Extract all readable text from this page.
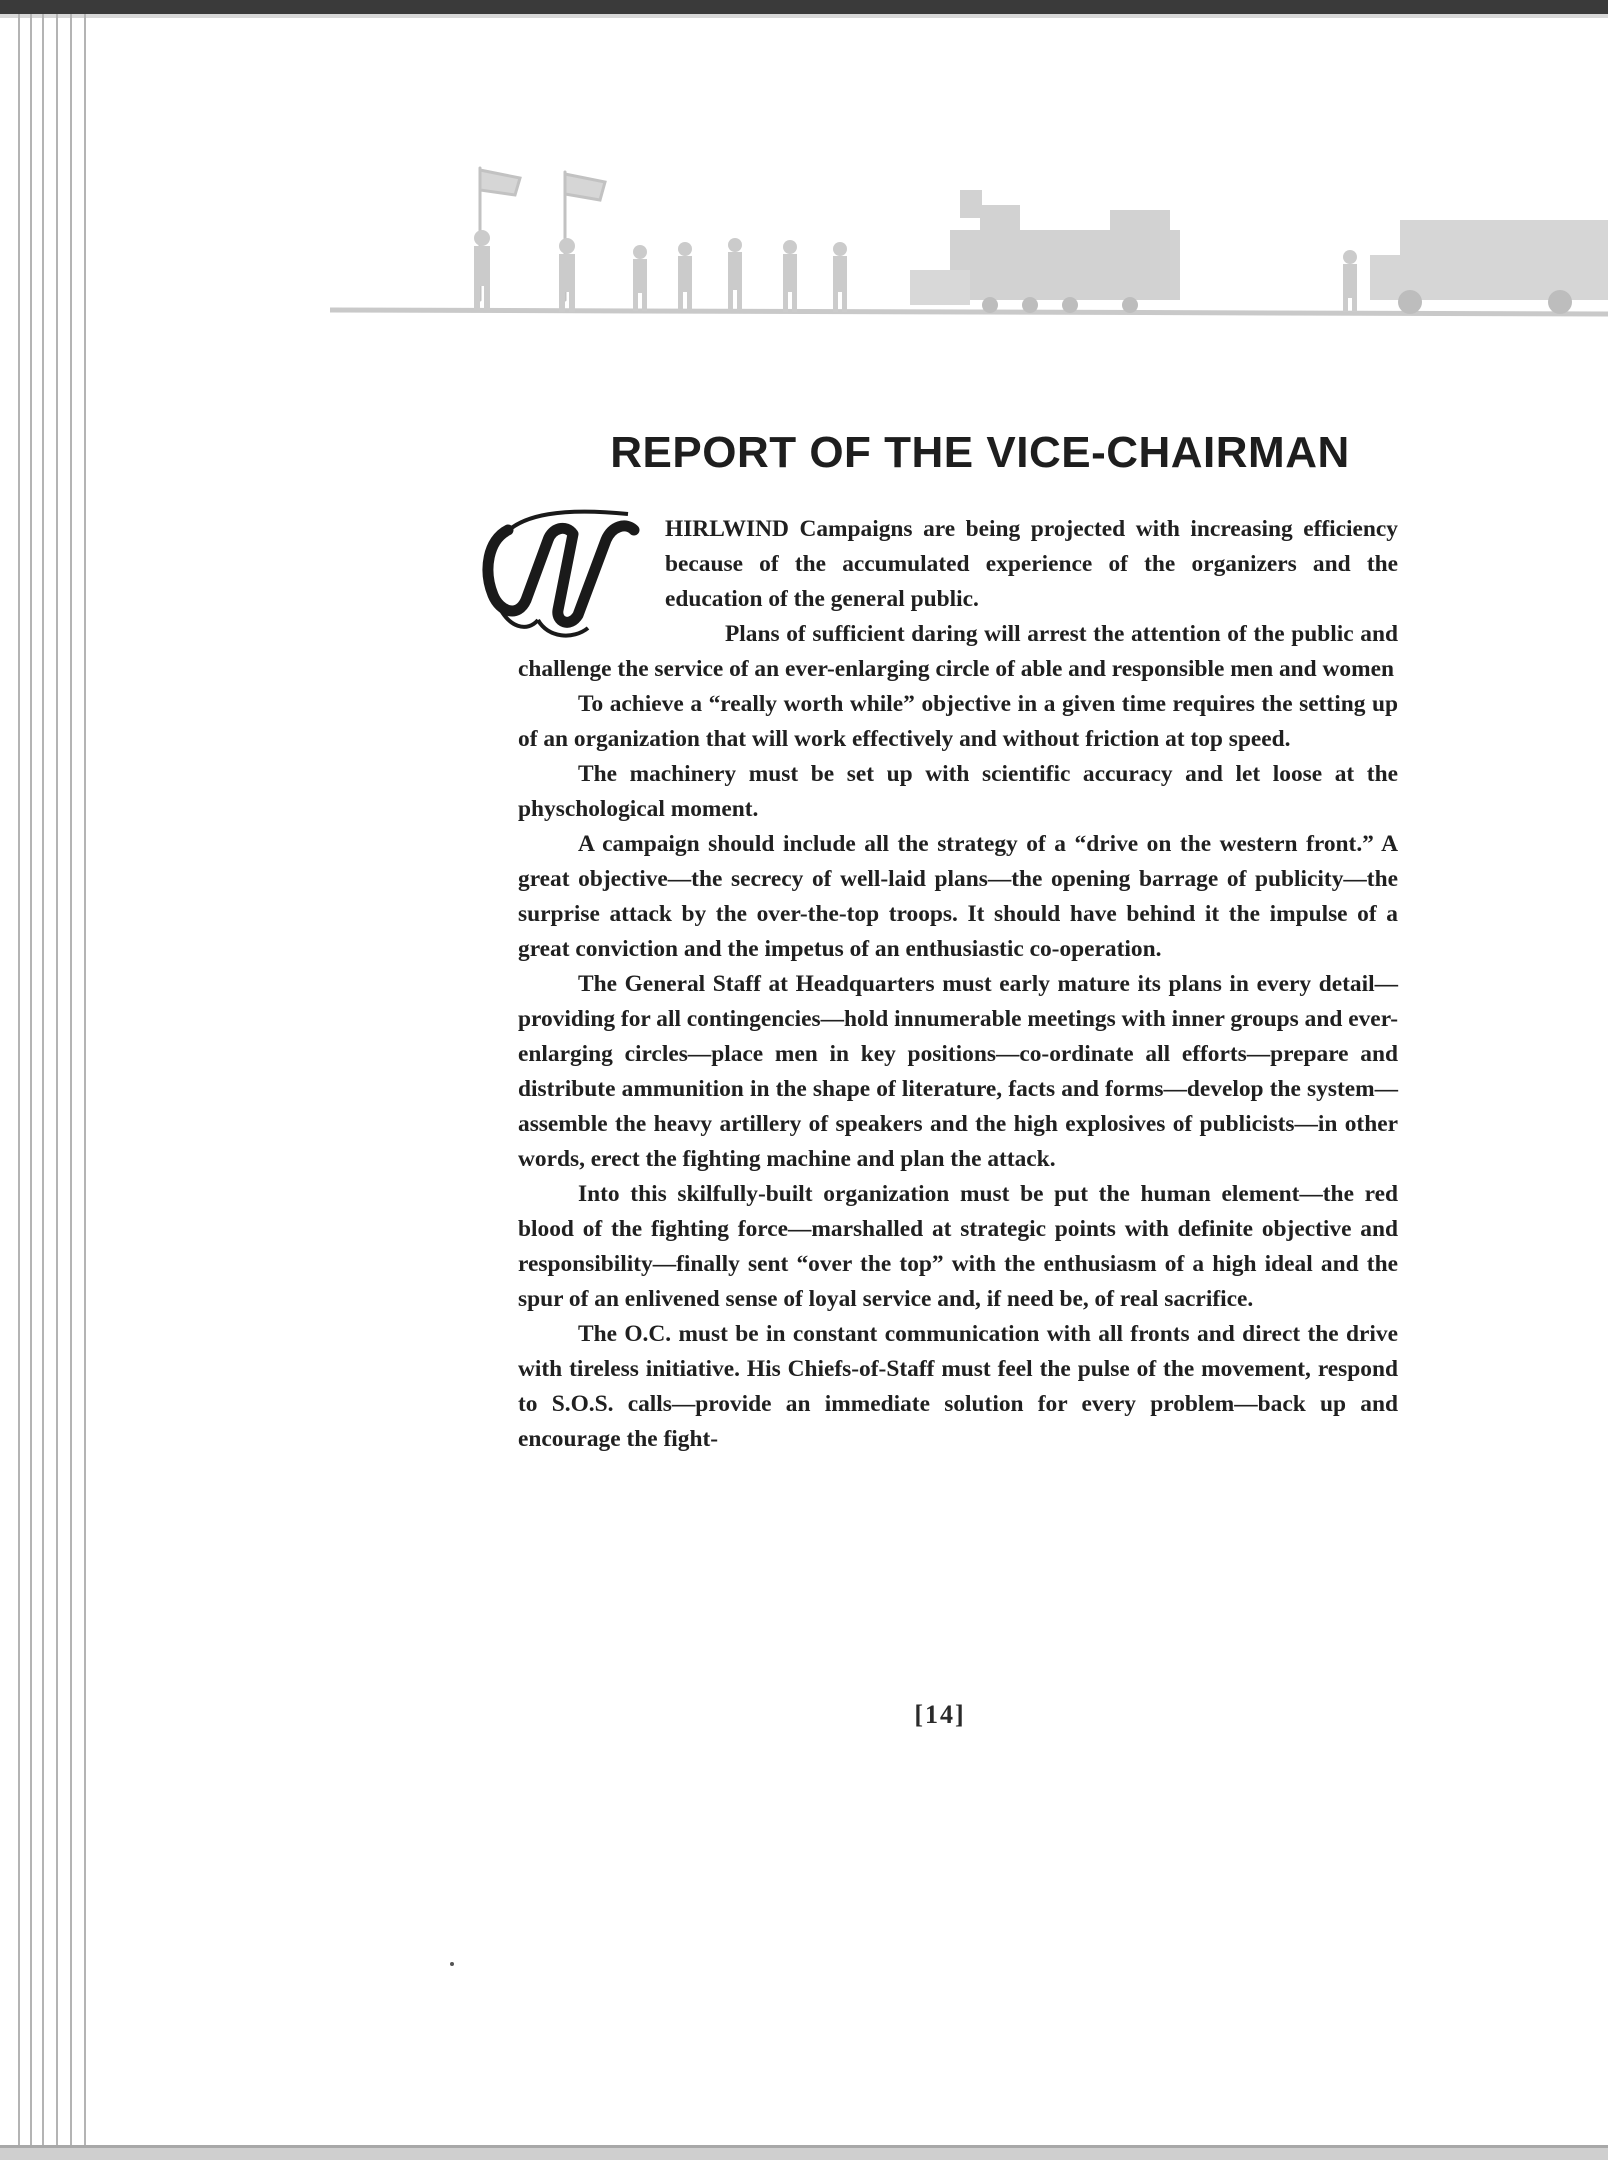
REPORT OF THE VICE-CHAIRMAN

HIRLWIND Campaigns are being projected with increasing efficiency because of the accumulated experience of the organizers and the education of the general public.

Plans of sufficient daring will arrest the attention of the public and challenge the service of an ever-enlarging circle of able and responsible men and women

To achieve a “really worth while” objective in a given time requires the setting up of an organization that will work effectively and without friction at top speed.

The machinery must be set up with scientific accuracy and let loose at the physchological moment.

A campaign should include all the strategy of a “drive on the western front.” A great objective—the secrecy of well-laid plans—the opening barrage of publicity—the surprise attack by the over-the-top troops. It should have behind it the impulse of a great conviction and the impetus of an enthusiastic co-operation.

The General Staff at Headquarters must early mature its plans in every detail—providing for all contingencies—hold innumerable meetings with inner groups and ever-enlarging circles—place men in key positions—co-ordinate all efforts—prepare and distribute ammunition in the shape of literature, facts and forms—develop the system—assemble the heavy artillery of speakers and the high explosives of publicists—in other words, erect the fighting machine and plan the attack.

Into this skilfully-built organization must be put the human element—the red blood of the fighting force—marshalled at strategic points with definite objective and responsibility—finally sent “over the top” with the enthusiasm of a high ideal and the spur of an enlivened sense of loyal service and, if need be, of real sacrifice.

The O.C. must be in constant communication with all fronts and direct the drive with tireless initiative. His Chiefs-of-Staff must feel the pulse of the movement, respond to S.O.S. calls—provide an immediate solution for every problem—back up and encourage the fight-

[14]
